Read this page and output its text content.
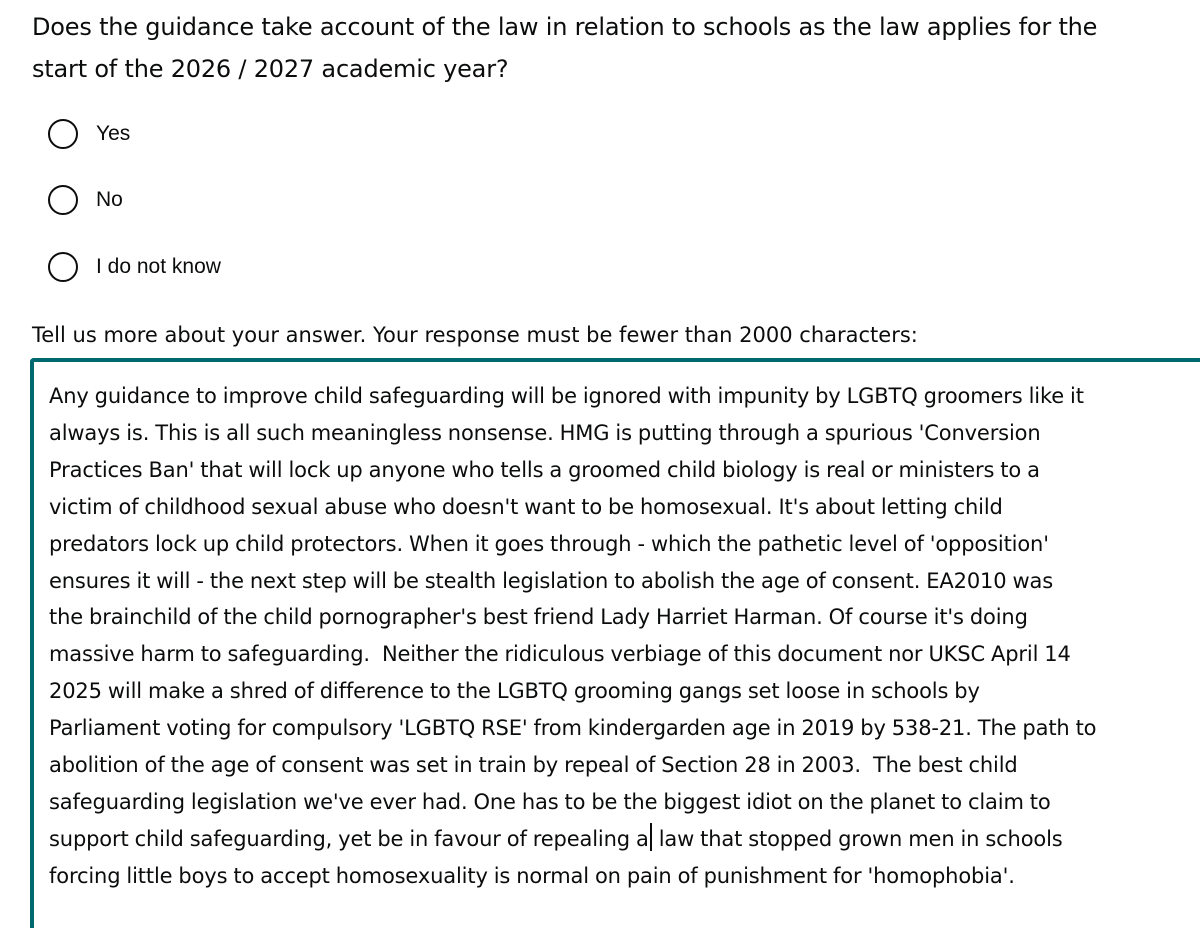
Does the guidance take account of the law in relation to schools as the law applies for the
start of the 2026 / 2027 academic year?
Yes
No
I do not know
Tell us more about your answer. Your response must be fewer than 2000 characters:
Any guidance to improve child safeguarding will be ignored with impunity by LGBTQ groomers like it
always is. This is all such meaningless nonsense. HMG is putting through a spurious 'Conversion
Practices Ban' that will lock up anyone who tells a groomed child biology is real or ministers to a
victim of childhood sexual abuse who doesn't want to be homosexual. It's about letting child
predators lock up child protectors. When it goes through - which the pathetic level of 'opposition'
ensures it will - the next step will be stealth legislation to abolish the age of consent. EA2010 was
the brainchild of the child pornographer's best friend Lady Harriet Harman. Of course it's doing
massive harm to safeguarding.  Neither the ridiculous verbiage of this document nor UKSC April 14
2025 will make a shred of difference to the LGBTQ grooming gangs set loose in schools by
Parliament voting for compulsory 'LGBTQ RSE' from kindergarden age in 2019 by 538-21. The path to
abolition of the age of consent was set in train by repeal of Section 28 in 2003.  The best child
safeguarding legislation we've ever had. One has to be the biggest idiot on the planet to claim to
support child safeguarding, yet be in favour of repealing a law that stopped grown men in schools
forcing little boys to accept homosexuality is normal on pain of punishment for 'homophobia'.
